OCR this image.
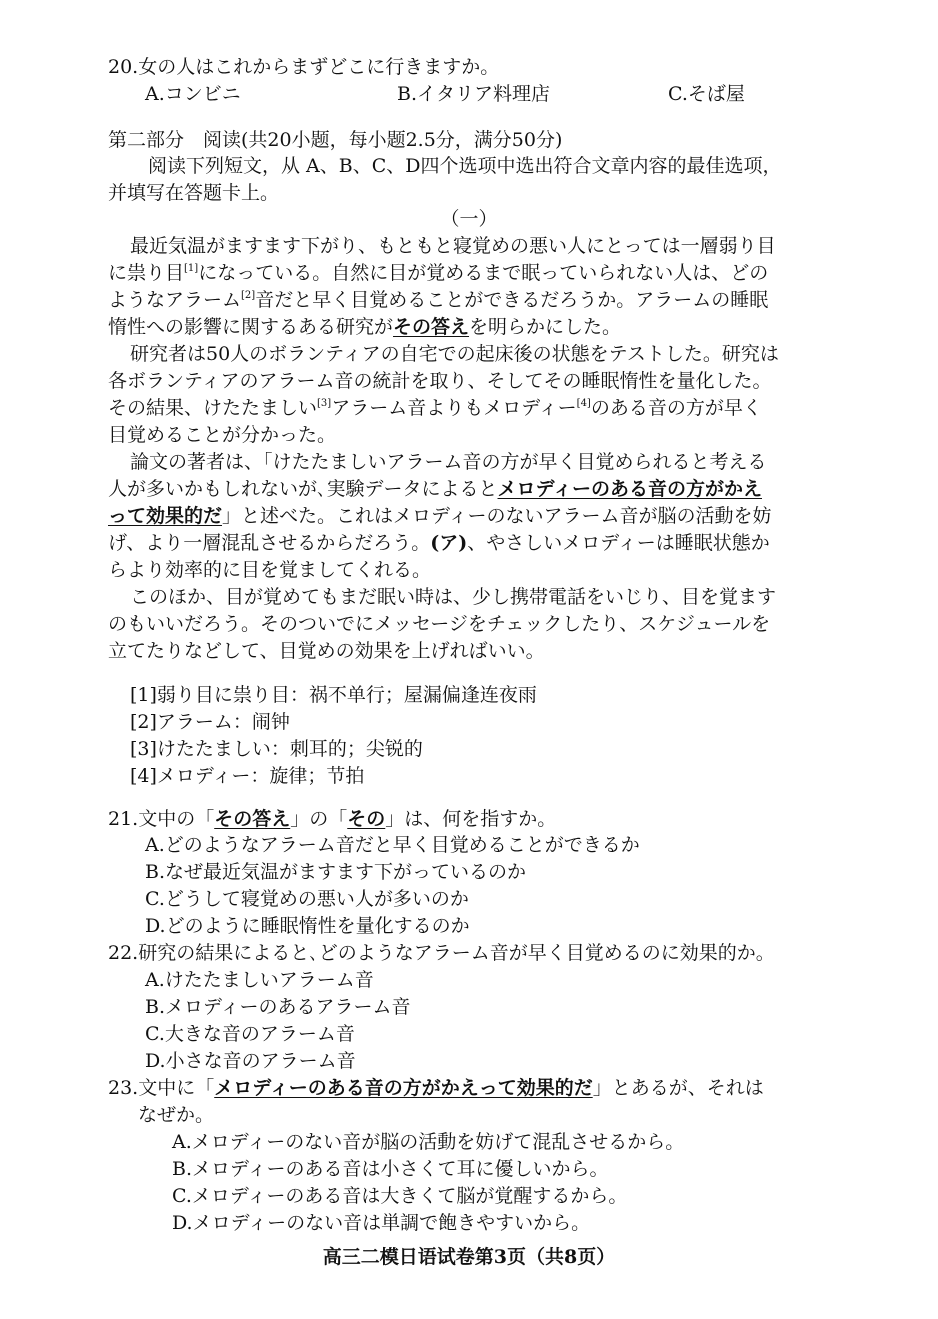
20.女の人はこれからまずどこに行きますか。
A.コンビニ	B.イタリア料理店	C.そば屋
第二部分　阅读(共20小题，每小题2.5分，满分50分)
阅读下列短文，从 A、B、C、D四个选项中选出符合文章内容的最佳选项，
并填写在答题卡上。
（一）
最近気温がますます下がり、もともと寝覚めの悪い人にとっては一層弱り目
に祟り目[1]になっている。自然に目が覚めるまで眠っていられない人は、どの
ようなアラーム[2]音だと早く目覚めることができるだろうか。アラームの睡眠
惰性への影響に関するある研究がその答えを明らかにした。
研究者は50人のボランティアの自宅での起床後の状態をテストした。研究は
各ボランティアのアラーム音の統計を取り、そしてその睡眠惰性を量化した。
その結果、けたたましい[3]アラーム音よりもメロディー[4]のある音の方が早く
目覚めることが分かった。
論文の著者は、「けたたましいアラーム音の方が早く目覚められると考える
人が多いかもしれないが､実験データによるとメロディーのある音の方がかえ
って効果的だ」と述べた。これはメロディーのないアラーム音が脳の活動を妨
げ、より一層混乱させるからだろう。(ア)、やさしいメロディーは睡眠状態か
らより効率的に目を覚ましてくれる。
このほか、目が覚めてもまだ眠い時は、少し携帯電話をいじり、目を覚ます
のもいいだろう。そのついでにメッセージをチェックしたり、スケジュールを
立てたりなどして、目覚めの効果を上げればいい。
[1]弱り目に祟り目：祸不单行；屋漏偏逢连夜雨
[2]アラーム：闹钟
[3]けたたましい：刺耳的；尖锐的
[4]メロディー：旋律；节拍
21.文中の「その答え」の「その」は、何を指すか。
A.どのようなアラーム音だと早く目覚めることができるか
B.なぜ最近気温がますます下がっているのか
C.どうして寝覚めの悪い人が多いのか
D.どのように睡眠惰性を量化するのか
22.研究の結果によると､どのようなアラーム音が早く目覚めるのに効果的か。
A.けたたましいアラーム音
B.メロディーのあるアラーム音
C.大きな音のアラーム音
D.小さな音のアラーム音
23.文中に「メロディーのある音の方がかえって効果的だ」とあるが、それは
なぜか。
A.メロディーのない音が脳の活動を妨げて混乱させるから。
B.メロディーのある音は小さくて耳に優しいから。
C.メロディーのある音は大きくて脳が覚醒するから。
D.メロディーのない音は単調で飽きやすいから。
高三二模日语试卷第3页（共8页）
